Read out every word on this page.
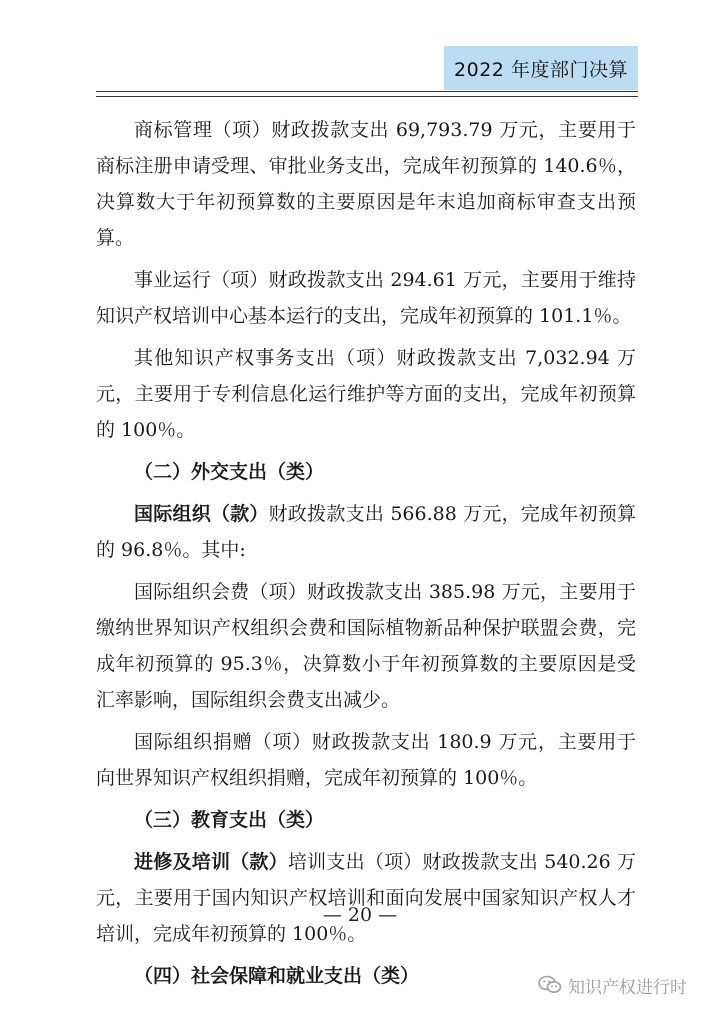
2022 年度部门决算

商标管理（项）财政拨款支出 69,793.79 万元，主要用于商标注册申请受理、审批业务支出，完成年初预算的 140.6％，决算数大于年初预算数的主要原因是年末追加商标审查支出预算。

事业运行（项）财政拨款支出 294.61 万元，主要用于维持知识产权培训中心基本运行的支出，完成年初预算的 101.1％。

其他知识产权事务支出（项）财政拨款支出 7,032.94 万元，主要用于专利信息化运行维护等方面的支出，完成年初预算的 100％。

（二）外交支出（类）

国际组织（款）财政拨款支出 566.88 万元，完成年初预算的 96.8％。其中:

国际组织会费（项）财政拨款支出 385.98 万元，主要用于缴纳世界知识产权组织会费和国际植物新品种保护联盟会费，完成年初预算的 95.3％，决算数小于年初预算数的主要原因是受汇率影响，国际组织会费支出减少。

国际组织捐赠（项）财政拨款支出 180.9 万元，主要用于向世界知识产权组织捐赠，完成年初预算的 100％。

（三）教育支出（类）

进修及培训（款）培训支出（项）财政拨款支出 540.26 万元，主要用于国内知识产权培训和面向发展中国家知识产权人才培训，完成年初预算的 100％。

（四）社会保障和就业支出（类）

— 20 —
知识产权进行时
